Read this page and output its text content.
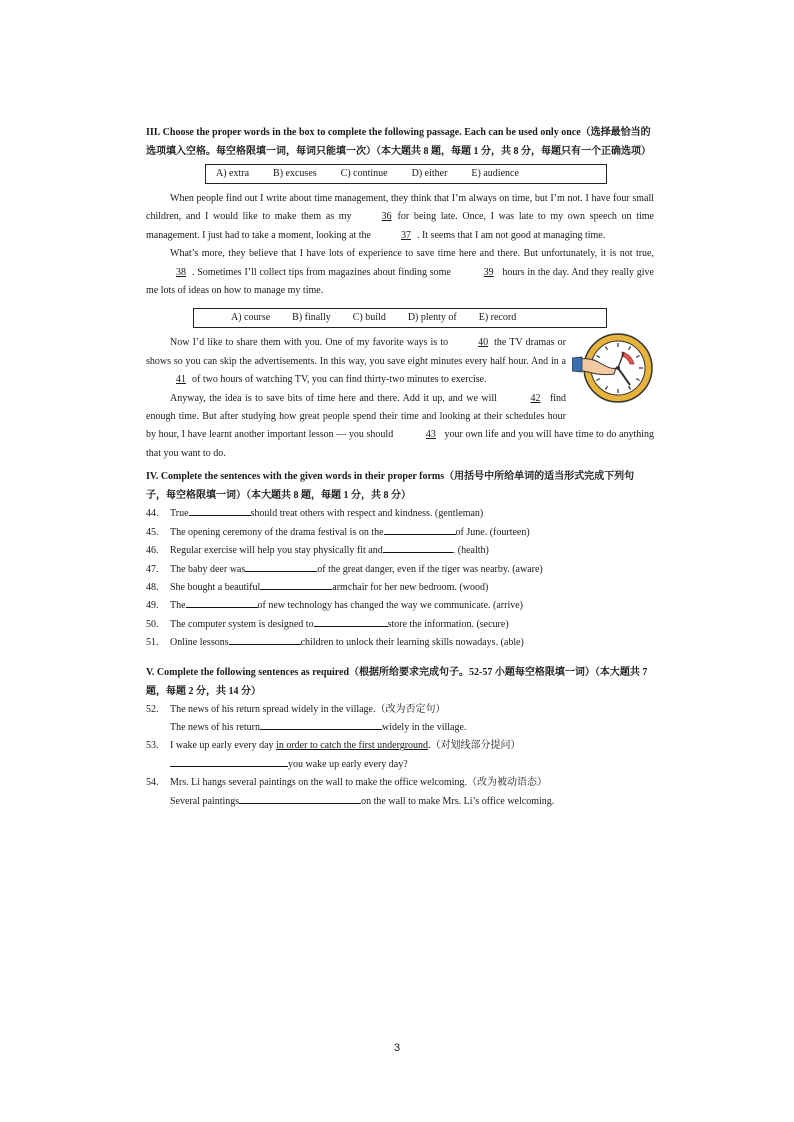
III. Choose the proper words in the box to complete the following passage. Each can be used only once（选择最恰当的选项填入空格。每空格限填一词，每词只能填一次）（本大题共 8 题，每题 1 分，共 8 分，每题只有一个正确选项）
A) extra B) excuses C) continue D) either E) audience

When people find out I write about time management, they think that I’m always on time, but I’m not. I have four small children, and I would like to make them as my	36 for being late. Once, I was late to my own speech on time management. I just had to take a moment, looking at the	37 . It seems that I am not good at managing time.

What’s more, they believe that I have lots of experience to save time here and there. But unfortunately, it is not true, 38 . Sometimes I’ll collect tips from magazines about finding some	39 hours in the day. And they really give me lots of ideas on how to manage my time.

A) course B) finally C) build D) plenty of E) record

Now I’d like to share them with you. One of my favorite ways is to	40 the TV dramas or shows so you can skip the advertisements. In this way, you save eight minutes every half hour. And in a41 of two hours of watching TV, you can find thirty-two minutes to exercise.

Anyway, the idea is to save bits of time here and there. Add it up, and we will	42 find enough time. But after studying how great people spend their time and looking at their schedules hour by hour, I have learnt another important lesson — you should	43 your own life and you will have time to do anything that you want to do.

IV. Complete the sentences with the given words in their proper forms（用括号中所给单词的适当形式完成下列句子，每空格限填一词）（本大题共 8 题，每题 1 分，共 8 分）
44.	True	should treat others with respect and kindness. (gentleman)
45.	The opening ceremony of the drama festival is on the	of June. (fourteen)
46.	Regular exercise will help you stay physically fit and	. (health)
47.	The baby deer was	of the great danger, even if the tiger was nearby. (aware)
48.	She bought a beautiful	armchair for her new bedroom. (wood)
49.	The	of new technology has changed the way we communicate. (arrive)
50.	The computer system is designed to	store the information. (secure)
51.	Online lessons	children to unlock their learning skills nowadays. (able)
V. Complete the following sentences as required（根据所给要求完成句子。52-57 小题每空格限填一词）（本大题共 7 题，每题 2 分，共 14 分）
52.	The news of his return spread widely in the village.（改为否定句）

The news of his return	widely in the village.

53.	I wake up early every day in order to catch the first underground.（对划线部分提问）

you wake up early every day?

54.	Mrs. Li hangs several paintings on the wall to make the office welcoming.（改为被动语态）

Several paintings	on the wall to make Mrs. Li’s office welcoming.

3
